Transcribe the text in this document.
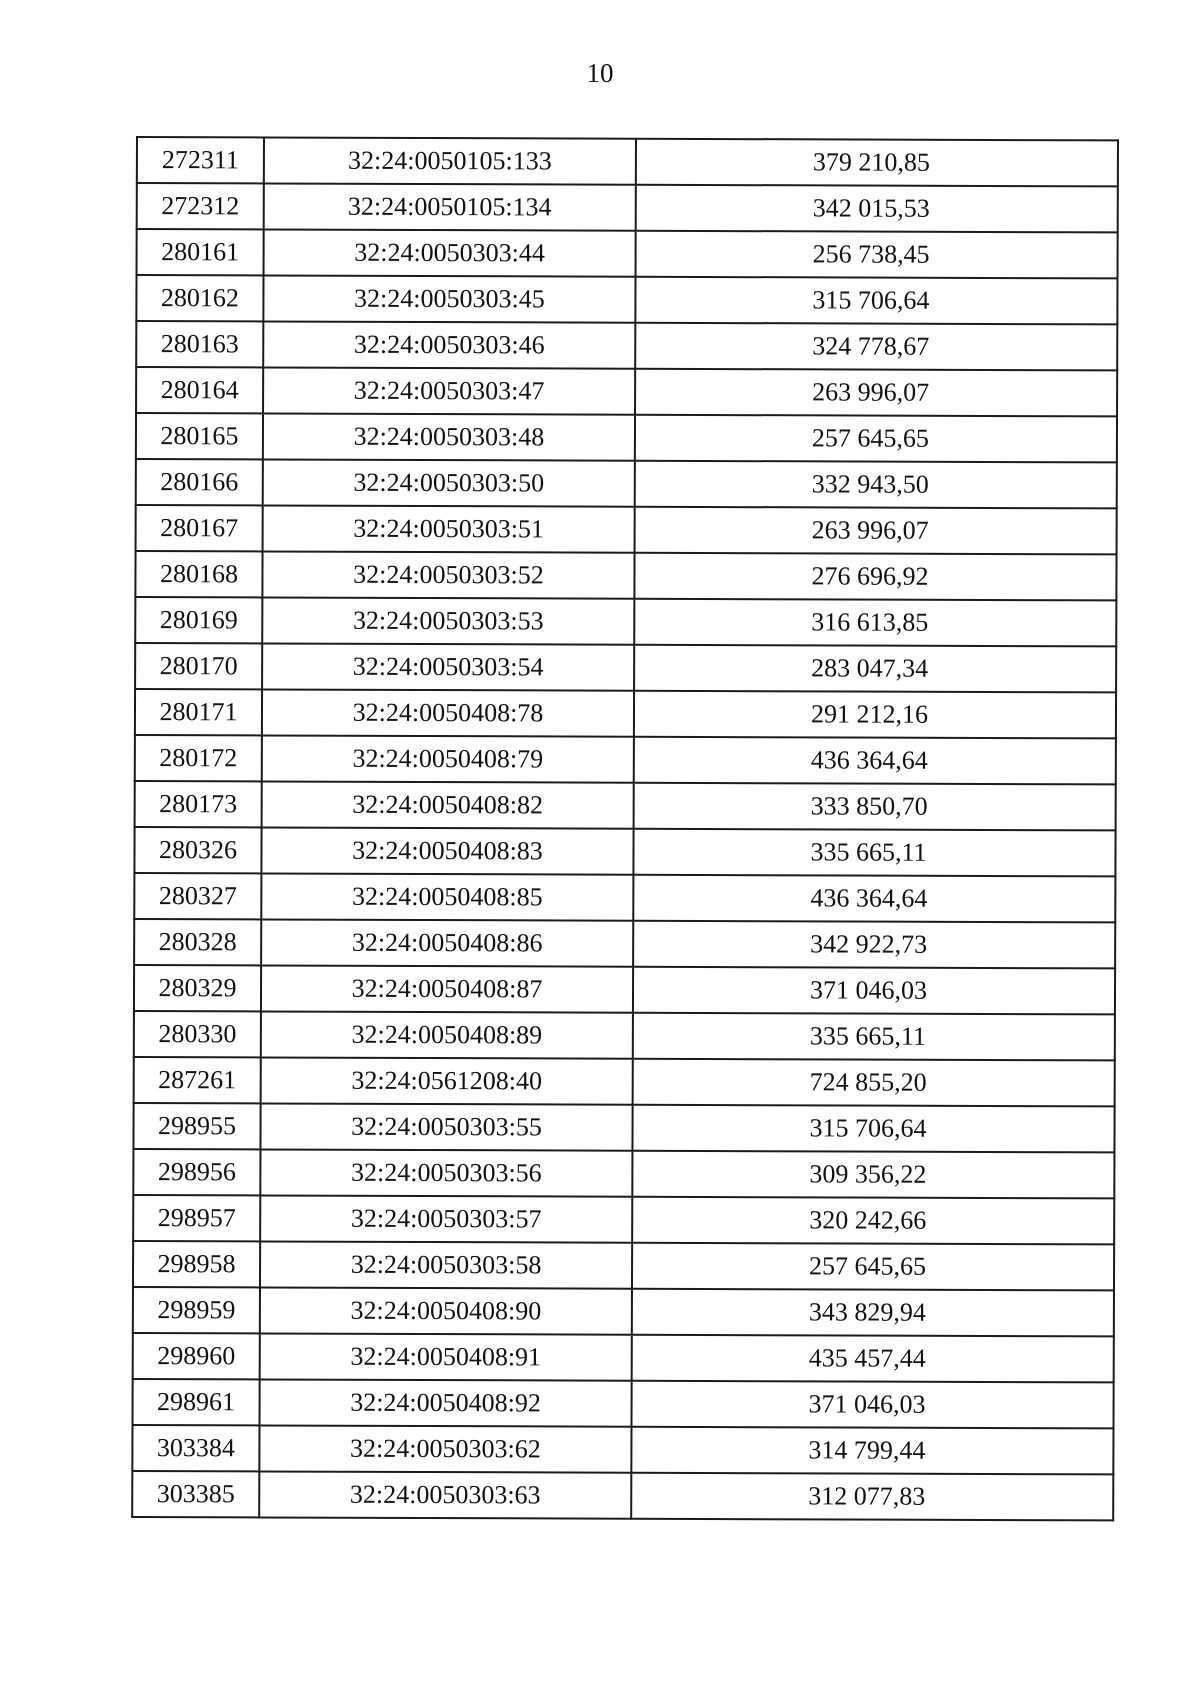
10
272311	32:24:0050105:133	379 210,85
272312	32:24:0050105:134	342 015,53
280161	32:24:0050303:44	256 738,45
280162	32:24:0050303:45	315 706,64
280163	32:24:0050303:46	324 778,67
280164	32:24:0050303:47	263 996,07
280165	32:24:0050303:48	257 645,65
280166	32:24:0050303:50	332 943,50
280167	32:24:0050303:51	263 996,07
280168	32:24:0050303:52	276 696,92
280169	32:24:0050303:53	316 613,85
280170	32:24:0050303:54	283 047,34
280171	32:24:0050408:78	291 212,16
280172	32:24:0050408:79	436 364,64
280173	32:24:0050408:82	333 850,70
280326	32:24:0050408:83	335 665,11
280327	32:24:0050408:85	436 364,64
280328	32:24:0050408:86	342 922,73
280329	32:24:0050408:87	371 046,03
280330	32:24:0050408:89	335 665,11
287261	32:24:0561208:40	724 855,20
298955	32:24:0050303:55	315 706,64
298956	32:24:0050303:56	309 356,22
298957	32:24:0050303:57	320 242,66
298958	32:24:0050303:58	257 645,65
298959	32:24:0050408:90	343 829,94
298960	32:24:0050408:91	435 457,44
298961	32:24:0050408:92	371 046,03
303384	32:24:0050303:62	314 799,44
303385	32:24:0050303:63	312 077,83
